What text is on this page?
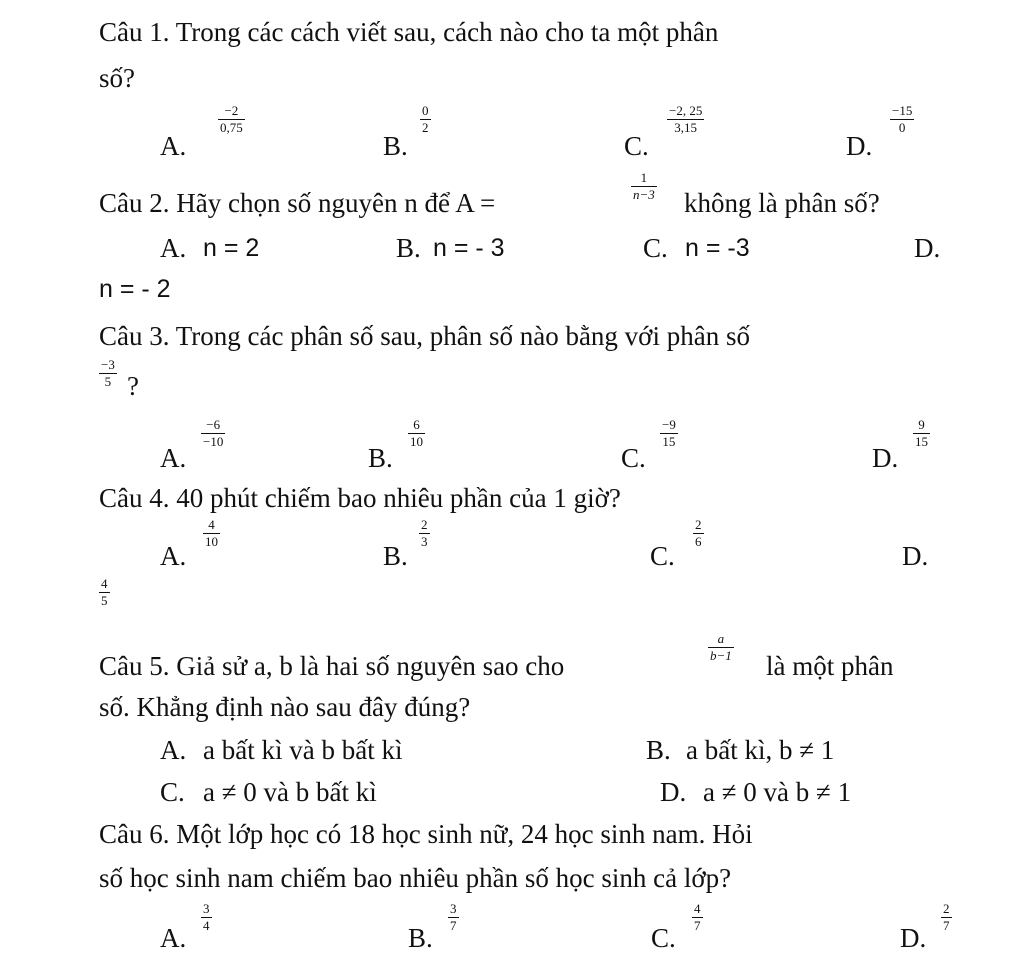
Câu 1. Trong các cách viết sau, cách nào cho ta một phân
số?
A.
−2
0,75
B.
0
2
C.
−2, 25
3,15
D.
−15
0
Câu 2. Hãy chọn số nguyên n để A =
1
n−3 không là phân số?
A. n = 2	B. n = - 3	C. n = -3	D.
n = - 2
Câu 3. Trong các phân số sau, phân số nào bằng với phân số
−3
5 ?
A.
−6
−10
B.
6
10
C.
−9
15
D.
9
15
Câu 4. 40 phút chiếm bao nhiêu phần của 1 giờ?
A.
4
10	B.
2
3	C.
2
6	D.
4
5
Câu 5. Giả sử a, b là hai số nguyên sao cho
a
b−1 là một phân
số. Khẳng định nào sau đây đúng?
A. a bất kì và b bất kì	B. a bất kì, b ≠ 1
C. a ≠ 0 và b bất kì	D. a ≠ 0 và b ≠ 1
Câu 6. Một lớp học có 18 học sinh nữ, 24 học sinh nam. Hỏi
số học sinh nam chiếm bao nhiêu phần số học sinh cả lớp?
A.
3
4	B.
3
7	C.
4
7	D.
2
7
